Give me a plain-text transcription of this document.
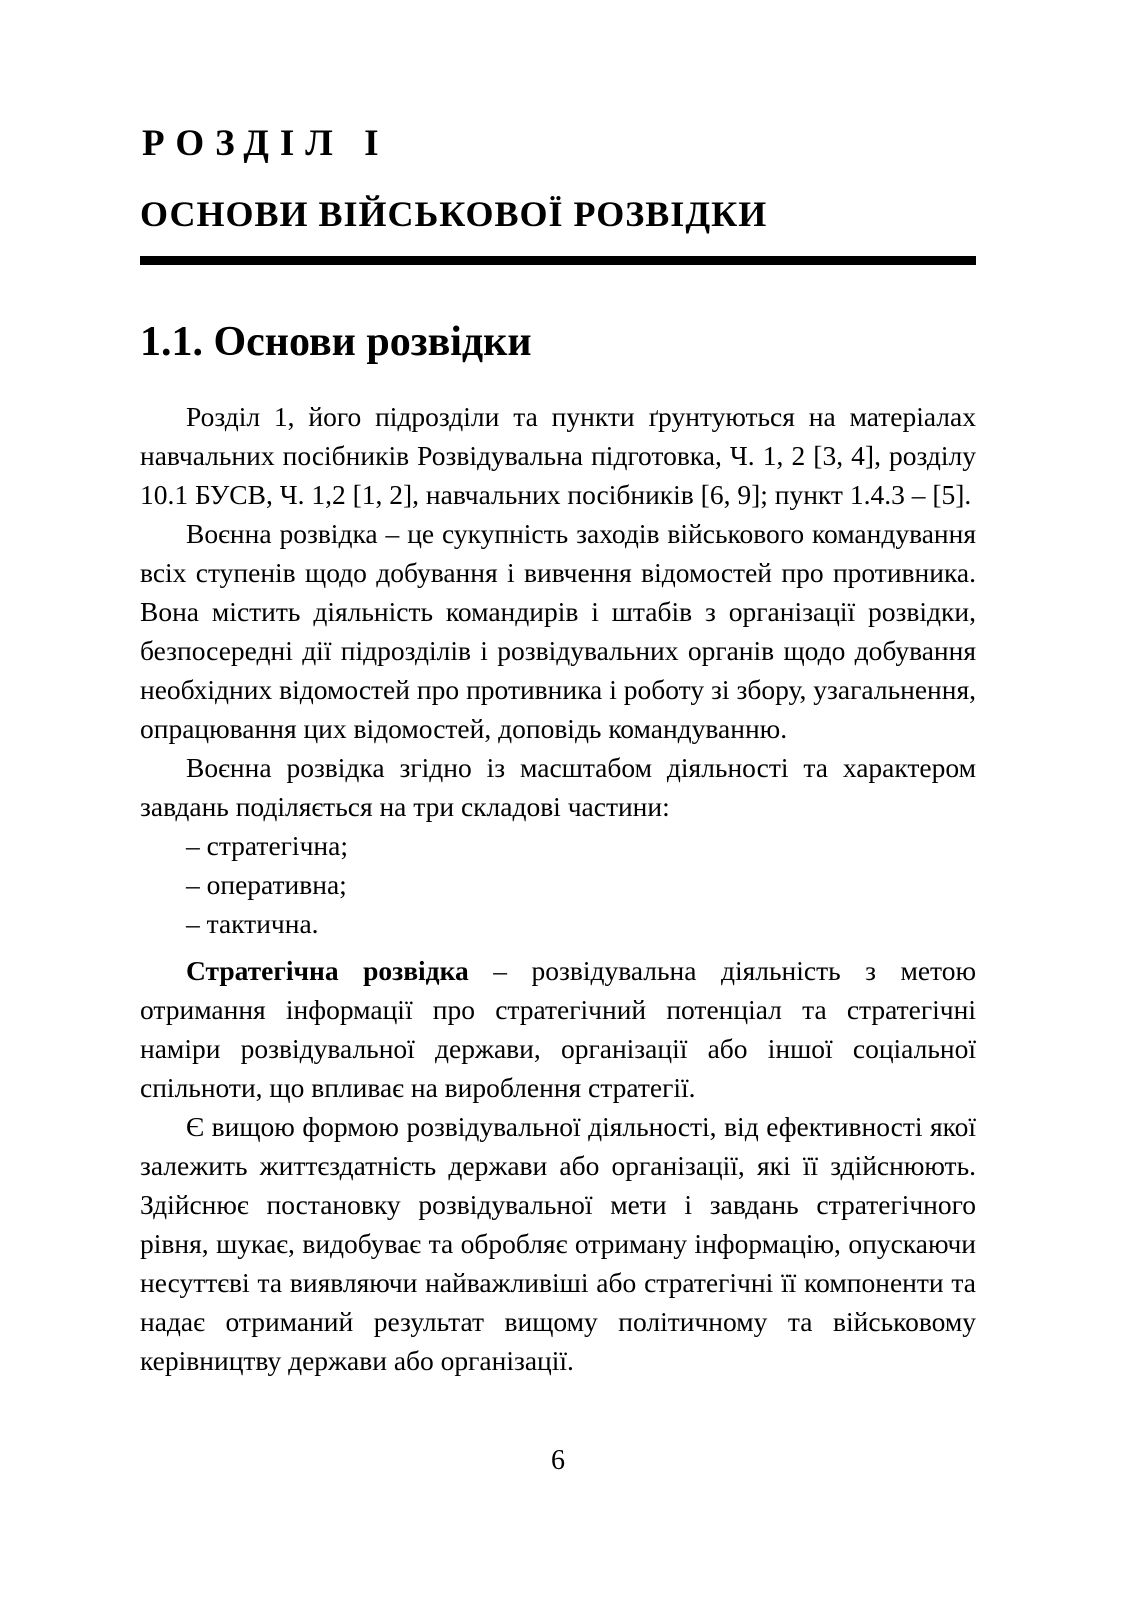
РОЗДІЛ І
ОСНОВИ ВІЙСЬКОВОЇ РОЗВІДКИ
1.1. Основи розвідки

Розділ 1, його підрозділи та пункти ґрунтуються на матеріалах навчальних посібників Розвідувальна підготовка, Ч. 1, 2 [3, 4], розділу 10.1 БУСВ, Ч. 1,2 [1, 2], навчальних посібників [6, 9]; пункт 1.4.3 – [5].

Воєнна розвідка – це сукупність заходів військового командування всіх ступенів щодо добування і вивчення відомостей про противника. Вона містить діяльність командирів і штабів з організації розвідки, безпосередні дії підрозділів і розвідувальних органів щодо добування необхідних відомостей про противника і роботу зі збору, узагальнення, опрацювання цих відомостей, доповідь командуванню.

Воєнна розвідка згідно із масштабом діяльності та характером завдань поділяється на три складові частини:

– стратегічна;

– оперативна;

– тактична.

Стратегічна розвідка – розвідувальна діяльність з метою отримання інформації про стратегічний потенціал та стратегічні наміри розвідувальної держави, організації або іншої соціальної спільноти, що впливає на вироблення стратегії.

Є вищою формою розвідувальної діяльності, від ефективності якої залежить життєздатність держави або організації, які її здійснюють. Здійснює постановку розвідувальної мети і завдань стратегічного рівня, шукає, видобуває та обробляє отриману інформацію, опускаючи несуттєві та виявляючи найважливіші або стратегічні її компоненти та надає отриманий результат вищому політичному та військовому керівництву держави або організації.

6
